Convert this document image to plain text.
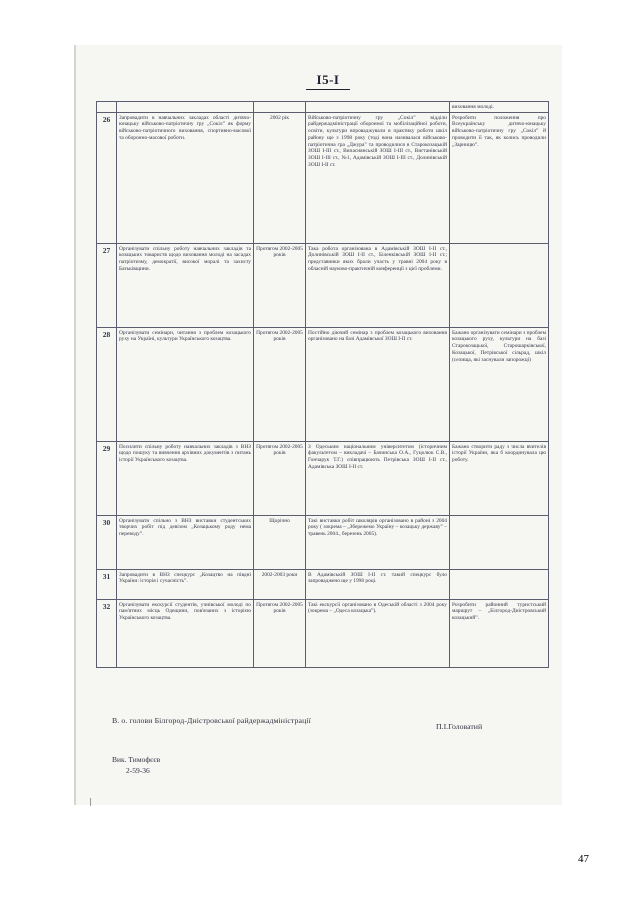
I5-I
				виховання молоді.
26	Запровадити в навчальних закладах області дитячо-юнацьку військово-патріотичну гру „Сокіл” як форму військово-патріотичного виховання, спортивно-масової та оборонно-масової роботи.	2002 рік	Військово-патріотичну гру „Сокіл” відділи райдержадміністрації оборонної та мобілізаційної роботи, освіти, культури впроваджували в практику роботи шкіл району ще з 1998 року (тоді вона називалася військово-патріотична гра „Джура” та проводилися в Старокозацькій ЗОШ І-ІІІ ст., Випаснянській ЗОШ І-ІІІ ст., Вигтанівській ЗОШ І-ІІІ ст., №1, Адамівській ЗОШ І-ІІІ ст., Долинівській ЗОШ І-ІІ ст.	Розробити положення про Всеукраїнську дитячо-юнацьку військово-патріотичну гру „Сокіл” й проводити її так, як колись проводили „Зарницю”.
27	Організувати спільну роботу навчальних закладів та козацьких товариств щодо виховання молоді на засадах патріотизму, демократії, високої моралі та захисту Батьківщини.	Протягом 2002-2005 років	Така робота організована в Адамівській ЗОШ І-ІІ ст., Долинівській ЗОШ І-ІІ ст., Біленківській ЗОШ І-ІІ ст.; представники яких брали участь у травні 2004 року в обласній науково-практичній конференції з цієї проблеми.	
28	Організувати семінари, читання з проблем козацького руху на Україні, культури Українського козацтва.	Протягом 2002-2005 років	Постійно діючий семінар з проблем козацького виховання організовано на базі Адамівської ЗОШ І-ІІ ст.	Бажано організувати семінари з проблем козацького руху, культури на базі Старокозацької, Старошарківської, Козацької, Петрівської сільрад, шкіл (селища, які заснували запорожці)
29	Посилити спільну роботу навчальних закладів з ВНЗ щодо пошуку та вивчення архівних документів з питань історії Українського козацтва.	Протягом 2002-2005 років	З Одеським національним університетом (історичним факультетом – викладачі – Бачинська О.А., Гуцолюк С.В., Гончарук Т.Г.) співпрацюють Петрівська ЗОШ І-ІІ ст., Адамівська ЗОШ І-ІІ ст.	Бажано створити раду з числа вчителів історії України, яка б координувала цю роботу.
30	Організувати спільно з ВНЗ виставки студентських творчих робіт під девізом „Козацькому роду нема переводу”.	Щорічно	Такі виставки робіт школярів організовано в районі з 2004 року ( зокрема – „Збережемо Україну – козацьку державу” – травень 2004., березень 2005).	
31	Запровадити в ВНЗ спецкурс „Козацтво на півдні України: історія і сучасність”.	2002-2003 роки	В Адамівській ЗОШ І-ІІ ст. такий спецкурс було запроваджено ще у 1998 році.	
32	Організувати екскурсії студентів, учнівської молоді по пам'ятних місць Одещини, пов'язаних з історією Українського козацтва.	Протягом 2002-2005 років	Такі екскурсії організовано в Одеській області з 2004 року (зокрема – „Одеса козацька”).	Розробити районний туристський маршрут – „Білгород-Дністровський козацький”.
В. о. голови Білгород-Дністровської райдержадміністрації
П.І.Головатий
Вик. Тимофєєв
2-59-36
47
